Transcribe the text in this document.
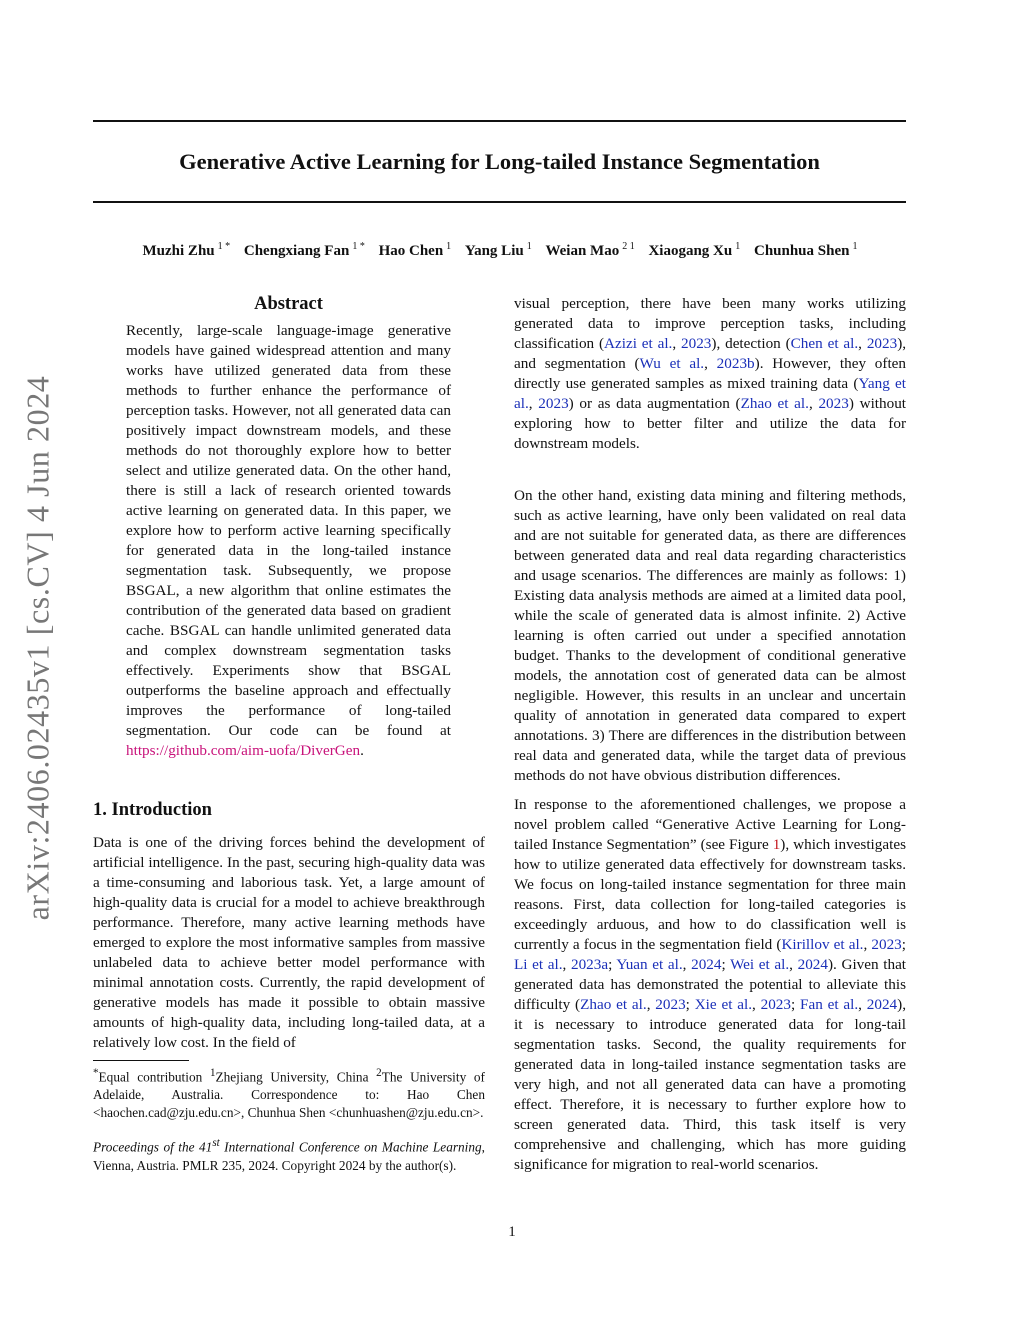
arXiv:2406.02435v1 [cs.CV] 4 Jun 2024
Generative Active Learning for Long-tailed Instance Segmentation
Muzhi Zhu $^{1 *}$ Chengxiang Fan $^{1 *}$ Hao Chen $^1$ Yang Liu $^1$ Weian Mao $^{2 1}$ Xiaogang Xu $^1$ Chunhua Shen $^1$
Abstract

Recently, large-scale language-image generative models have gained widespread attention and many works have utilized generated data from these methods to further enhance the performance of perception tasks. However, not all generated data can positively impact downstream models, and these methods do not thoroughly explore how to better select and utilize generated data. On the other hand, there is still a lack of research oriented towards active learning on generated data. In this paper, we explore how to perform active learning specifically for generated data in the long-tailed instance segmentation task. Subsequently, we propose BSGAL, a new algorithm that online estimates the contribution of the generated data based on gradient cache. BSGAL can handle unlimited generated data and complex downstream segmentation tasks effectively. Experiments show that BSGAL outperforms the baseline approach and effectually improves the performance of long-tailed segmentation. Our code can be found at https://github.com/aim-uofa/DiverGen.

1. Introduction

Data is one of the driving forces behind the development of artificial intelligence. In the past, securing high-quality data was a time-consuming and laborious task. Yet, a large amount of high-quality data is crucial for a model to achieve breakthrough performance. Therefore, many active learning methods have emerged to explore the most informative samples from massive unlabeled data to achieve better model performance with minimal annotation costs. Currently, the rapid development of generative models has made it possible to obtain massive amounts of high-quality data, including long-tailed data, at a relatively low cost. In the field of

*Equal contribution $^1$Zhejiang University, China $^2$The University of Adelaide, Australia. Correspondence to: Hao Chen <haochen.cad@zju.edu.cn>, Chunhua Shen <chunhuashen@zju.edu.cn>.

Proceedings of the 41st International Conference on Machine Learning, Vienna, Austria. PMLR 235, 2024. Copyright 2024 by the author(s).

visual perception, there have been many works utilizing generated data to improve perception tasks, including classification (Azizi et al., 2023), detection (Chen et al., 2023), and segmentation (Wu et al., 2023b). However, they often directly use generated samples as mixed training data (Yang et al., 2023) or as data augmentation (Zhao et al., 2023) without exploring how to better filter and utilize the data for downstream models.

On the other hand, existing data mining and filtering methods, such as active learning, have only been validated on real data and are not suitable for generated data, as there are differences between generated data and real data regarding characteristics and usage scenarios. The differences are mainly as follows: 1) Existing data analysis methods are aimed at a limited data pool, while the scale of generated data is almost infinite. 2) Active learning is often carried out under a specified annotation budget. Thanks to the development of conditional generative models, the annotation cost of generated data can be almost negligible. However, this results in an unclear and uncertain quality of annotation in generated data compared to expert annotations. 3) There are differences in the distribution between real data and generated data, while the target data of previous methods do not have obvious distribution differences.

In response to the aforementioned challenges, we propose a novel problem called “Generative Active Learning for Long-tailed Instance Segmentation” (see Figure 1), which investigates how to utilize generated data effectively for downstream tasks. We focus on long-tailed instance segmentation for three main reasons. First, data collection for long-tailed categories is exceedingly arduous, and how to do classification well is currently a focus in the segmentation field (Kirillov et al., 2023; Li et al., 2023a; Yuan et al., 2024; Wei et al., 2024). Given that generated data has demonstrated the potential to alleviate this difficulty (Zhao et al., 2023; Xie et al., 2023; Fan et al., 2024), it is necessary to introduce generated data for long-tail segmentation tasks. Second, the quality requirements for generated data in long-tailed instance segmentation tasks are very high, and not all generated data can have a promoting effect. Therefore, it is necessary to further explore how to screen generated data. Third, this task itself is very comprehensive and challenging, which has more guiding significance for migration to real-world scenarios.

1
